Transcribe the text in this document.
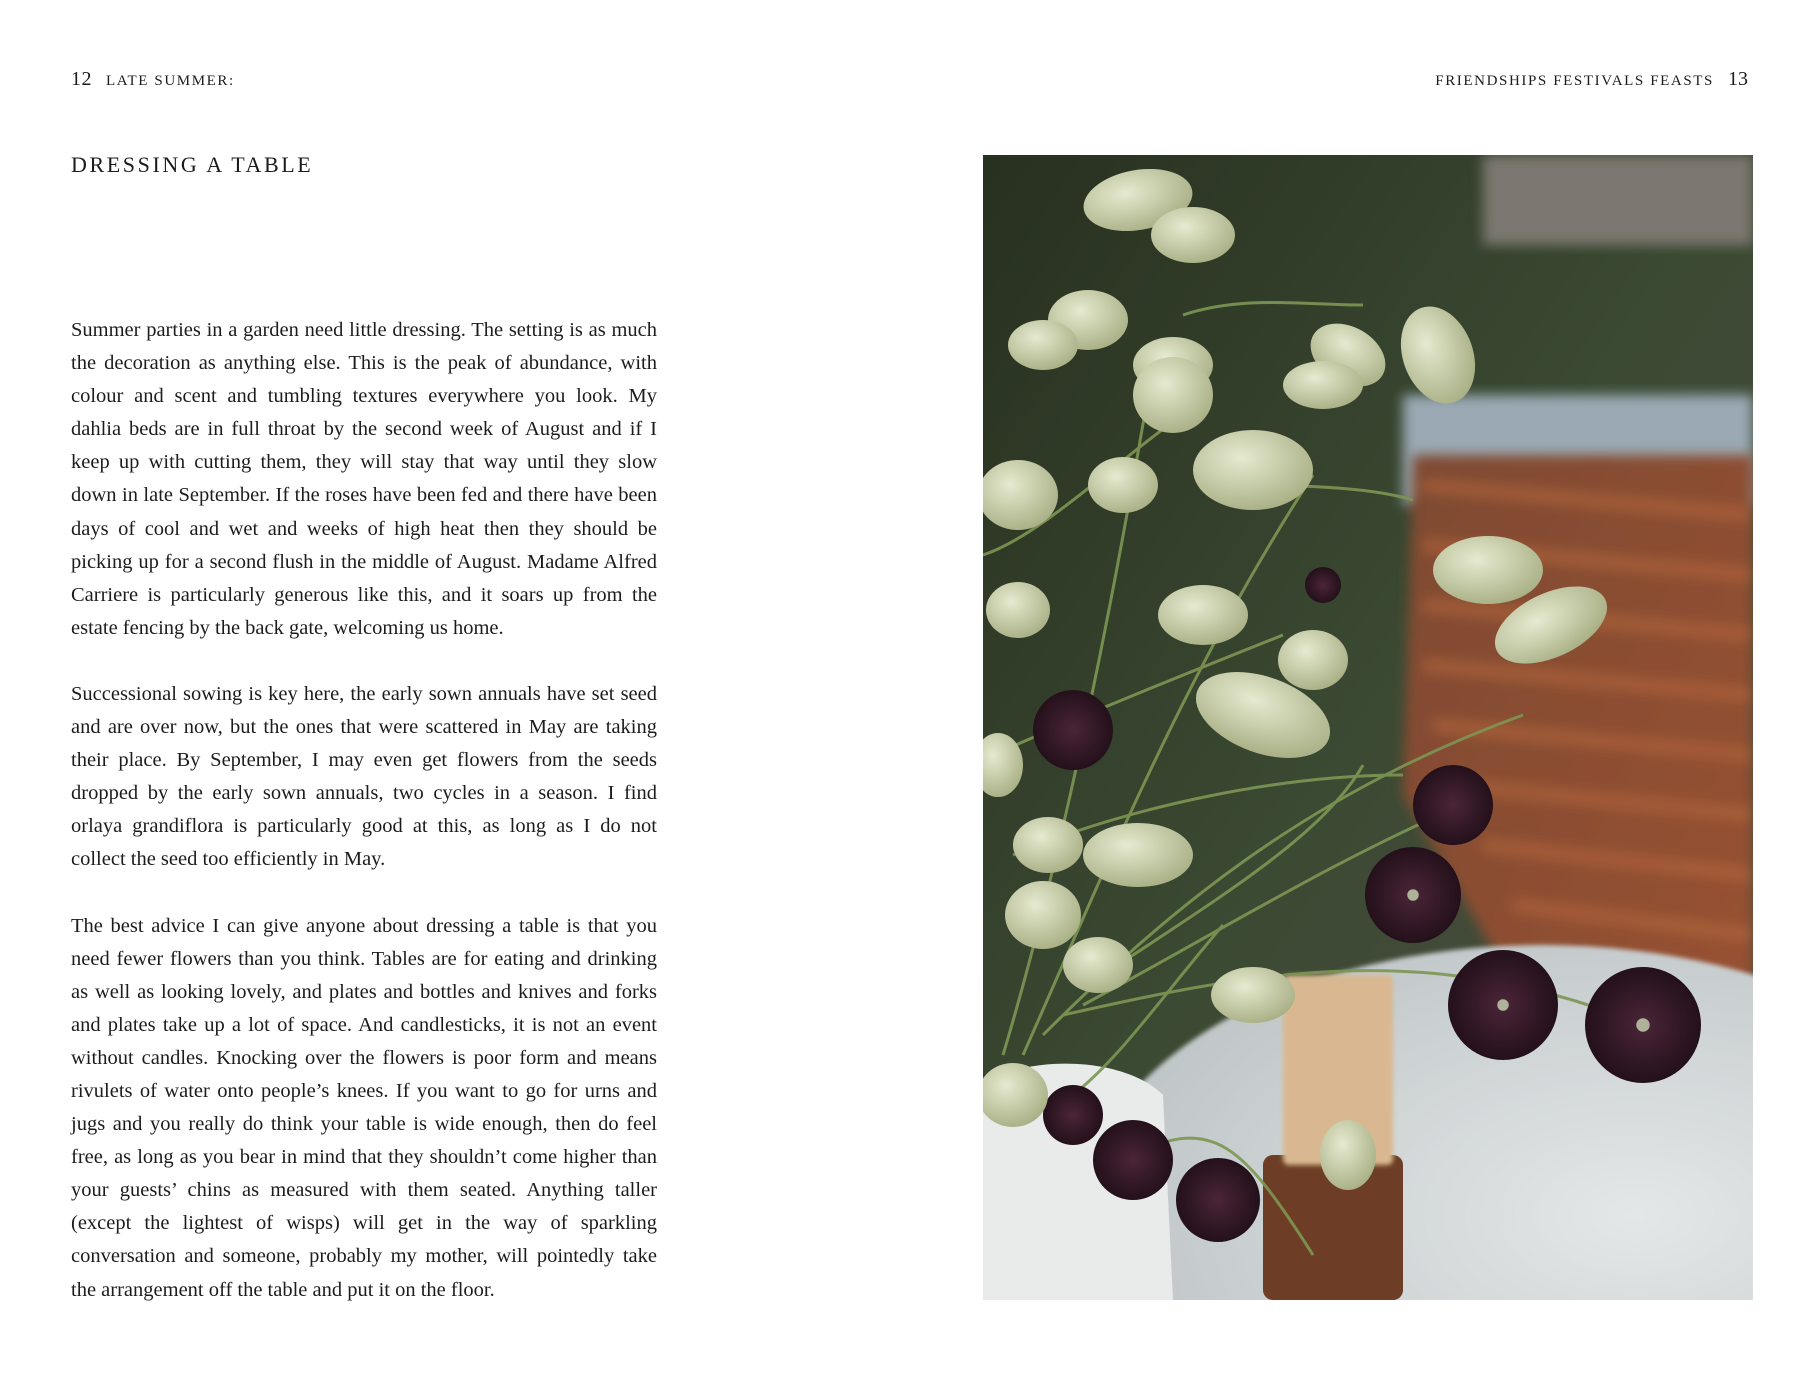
12 LATE SUMMER:	FRIENDSHIPS FESTIVALS FEASTS 13
DRESSING A TABLE

Summer parties in a garden need little dressing. The setting is as much the decoration as anything else. This is the peak of abundance, with colour and scent and tumbling textures everywhere you look. My dahlia beds are in full throat by the second week of August and if I keep up with cutting them, they will stay that way until they slow down in late September. If the roses have been fed and there have been days of cool and wet and weeks of high heat then they should be picking up for a second flush in the middle of August. Madame Alfred Carriere is particularly generous like this, and it soars up from the estate fencing by the back gate, welcoming us home.

Successional sowing is key here, the early sown annuals have set seed and are over now, but the ones that were scattered in May are taking their place. By September, I may even get flowers from the seeds dropped by the early sown annuals, two cycles in a season. I find orlaya grandiflora is particularly good at this, as long as I do not collect the seed too efficiently in May.

The best advice I can give anyone about dressing a table is that you need fewer flowers than you think. Tables are for eating and drinking as well as looking lovely, and plates and bottles and knives and forks and plates take up a lot of space. And candlesticks, it is not an event without candles. Knocking over the flowers is poor form and means rivulets of water onto people’s knees. If you want to go for urns and jugs and you really do think your table is wide enough, then do feel free, as long as you bear in mind that they shouldn’t come higher than your guests’ chins as measured with them seated. Anything taller (except the lightest of wisps) will get in the way of sparkling conversation and someone, probably my mother, will pointedly take the arrangement off the table and put it on the floor.
